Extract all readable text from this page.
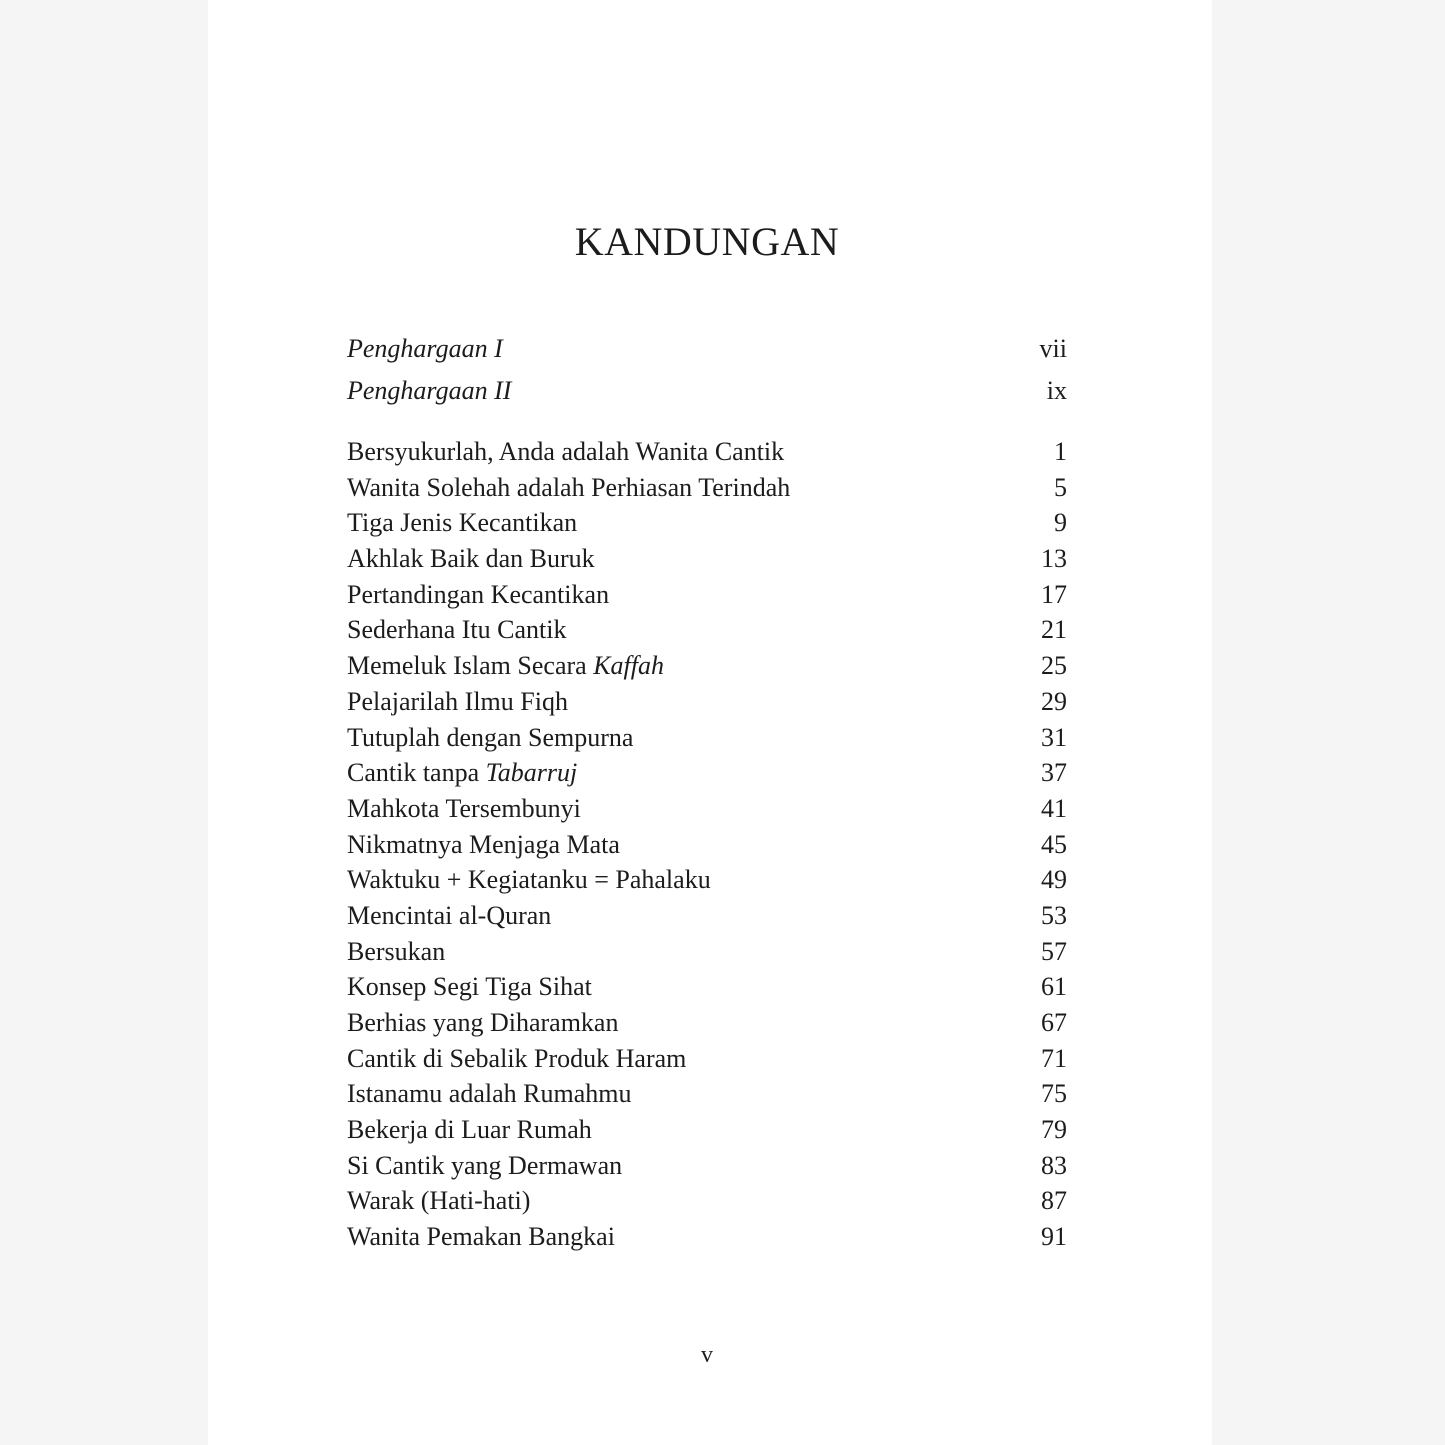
KANDUNGAN
Penghargaan I	vii
Penghargaan II	ix
Bersyukurlah, Anda adalah Wanita Cantik	1
Wanita Solehah adalah Perhiasan Terindah	5
Tiga Jenis Kecantikan	9
Akhlak Baik dan Buruk	13
Pertandingan Kecantikan	17
Sederhana Itu Cantik	21
Memeluk Islam Secara Kaffah	25
Pelajarilah Ilmu Fiqh	29
Tutuplah dengan Sempurna	31
Cantik tanpa Tabarruj	37
Mahkota Tersembunyi	41
Nikmatnya Menjaga Mata	45
Waktuku + Kegiatanku = Pahalaku	49
Mencintai al-Quran	53
Bersukan	57
Konsep Segi Tiga Sihat	61
Berhias yang Diharamkan	67
Cantik di Sebalik Produk Haram	71
Istanamu adalah Rumahmu	75
Bekerja di Luar Rumah	79
Si Cantik yang Dermawan	83
Warak (Hati-hati)	87
Wanita Pemakan Bangkai	91
v
